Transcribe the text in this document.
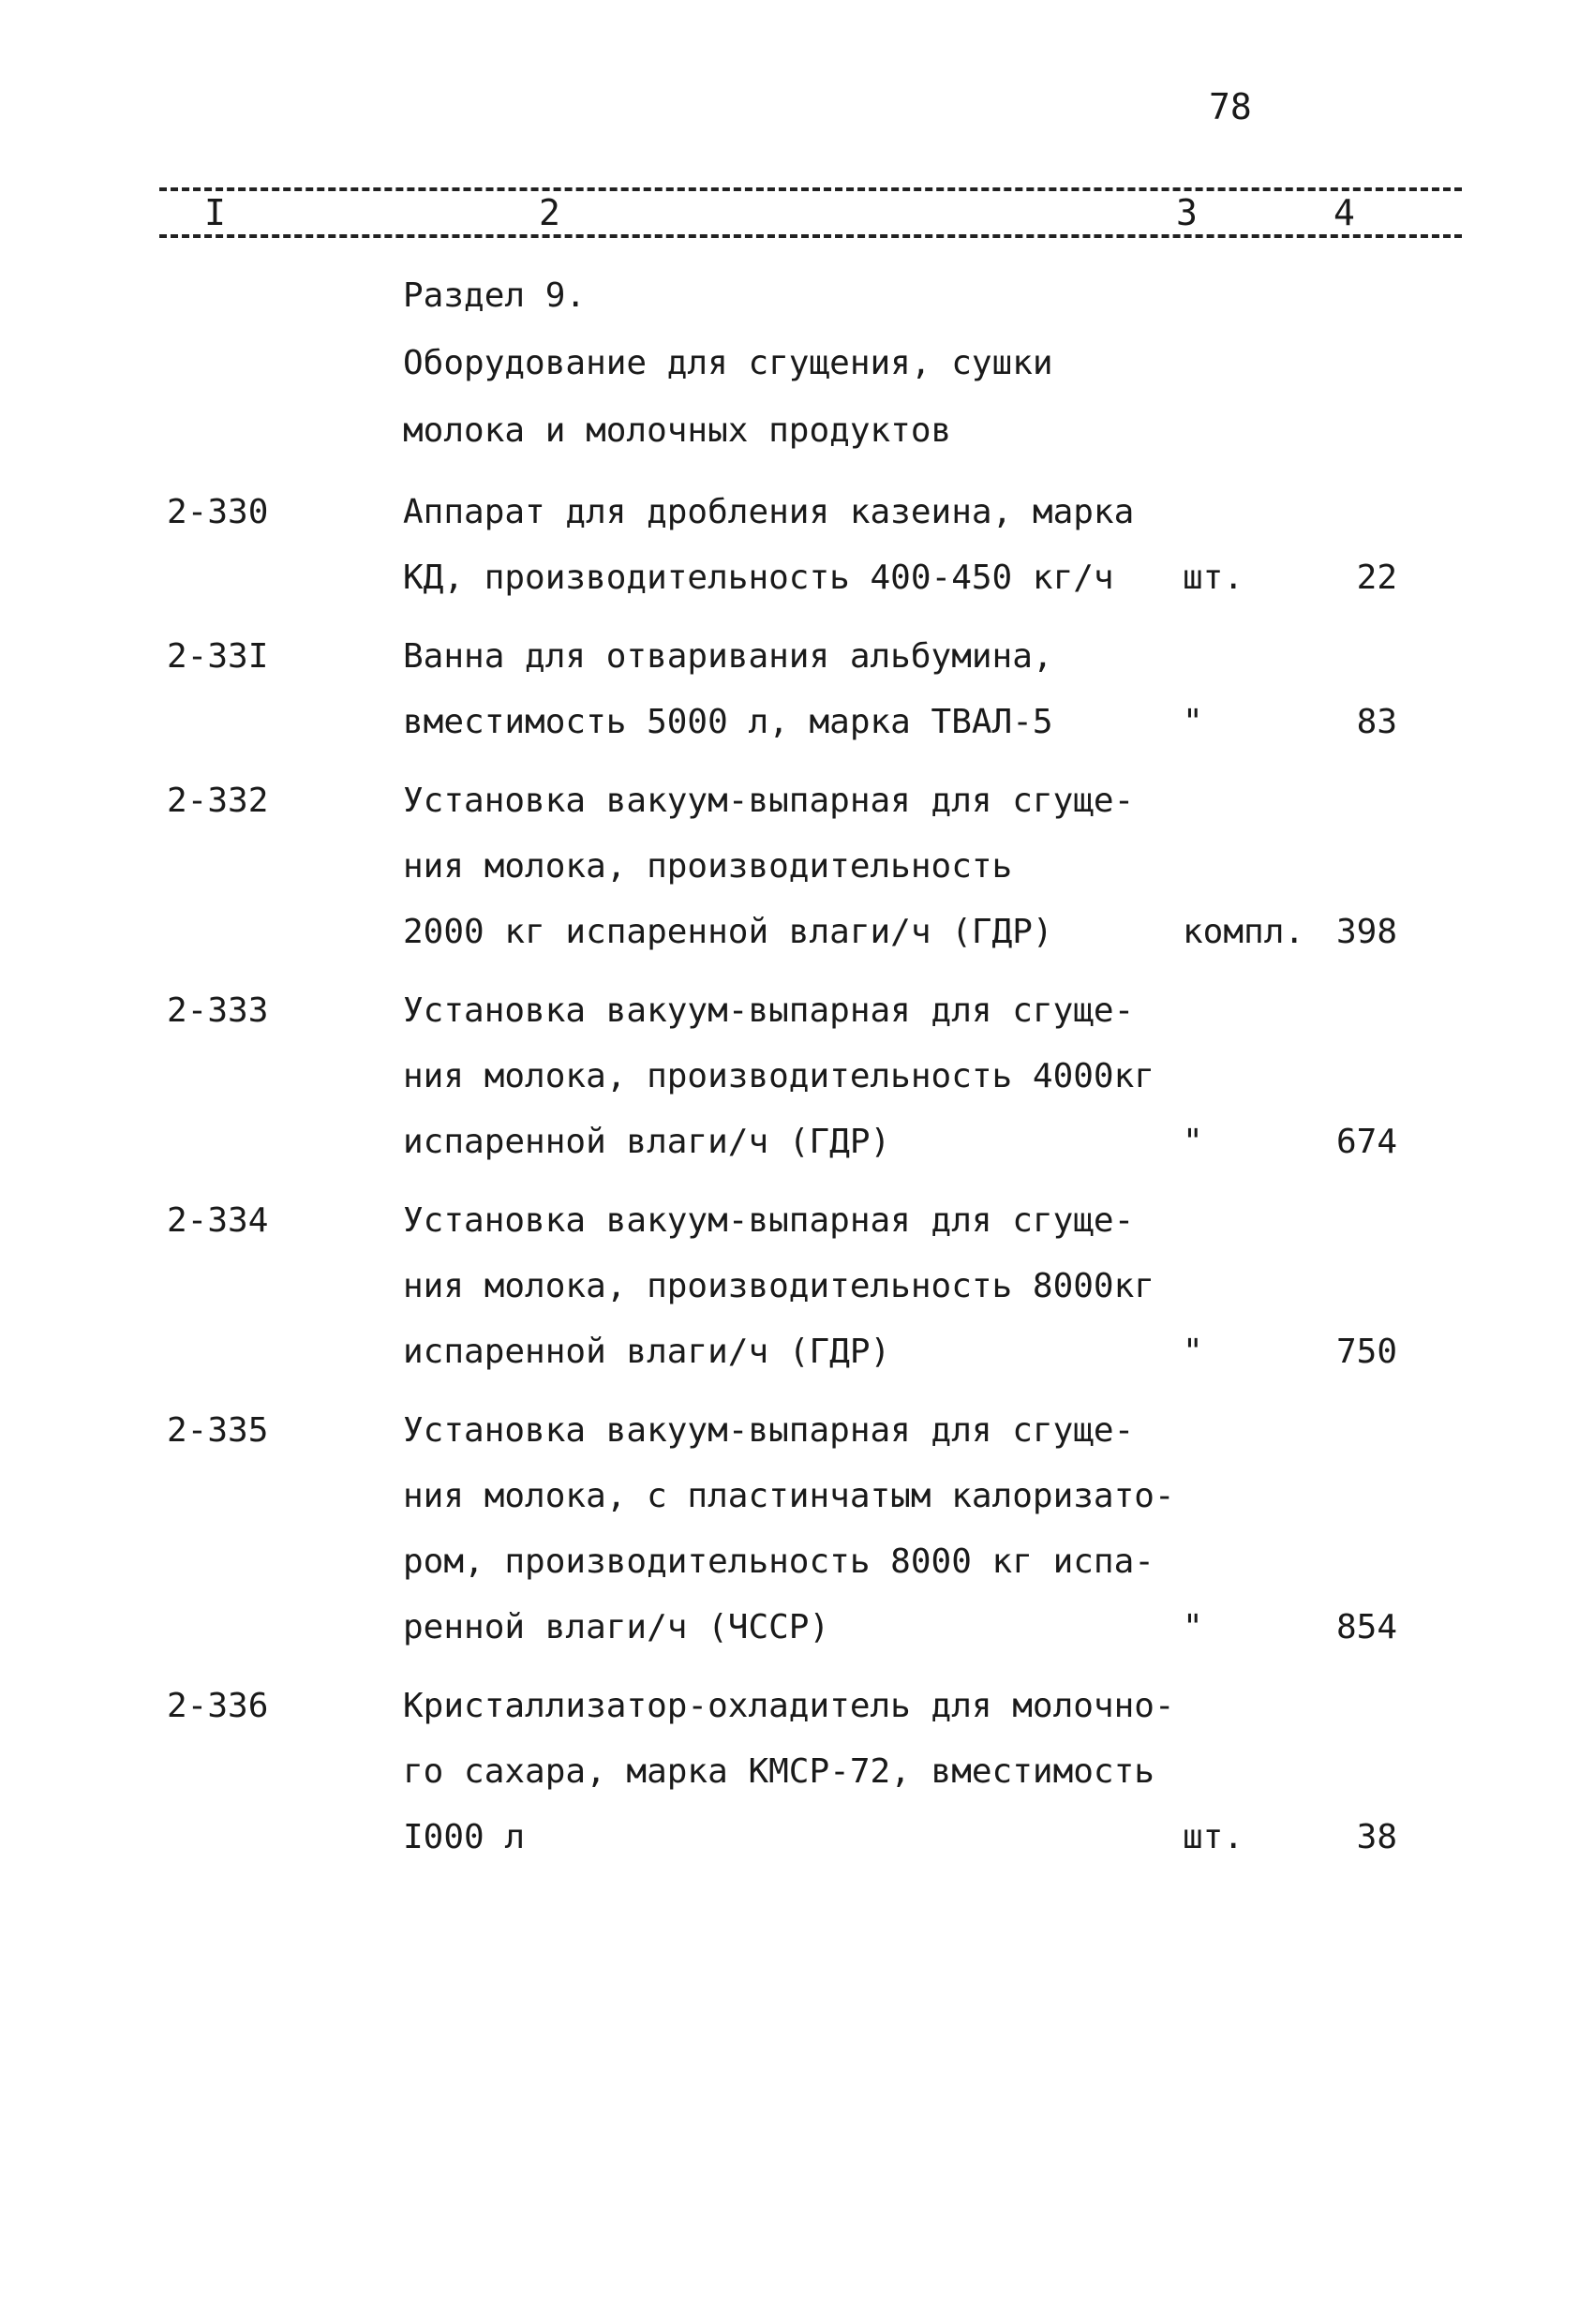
78
I	2	3	4
Раздел 9.
Оборудование для сгущения, сушки
молока и молочных продуктов
2-330	Аппарат для дробления казеина, марка
КД, производительность 400-450 кг/ч	шт.	22
2-33I	Ванна для отваривания альбумина,
вместимость 5000 л, марка ТВАЛ-5	"	83
2-332	Установка вакуум-выпарная для сгуще-
ния молока, производительность
2000 кг испаренной влаги/ч (ГДР)	компл. 398
2-333	Установка вакуум-выпарная для сгуще-
ния молока, производительность 4000кг
испаренной влаги/ч (ГДР)	"	674
2-334	Установка вакуум-выпарная для сгуще-
ния молока, производительность 8000кг
испаренной влаги/ч (ГДР)	"	750
2-335	Установка вакуум-выпарная для сгуще-
ния молока, с пластинчатым калоризато-
ром, производительность 8000 кг испа-
ренной влаги/ч (ЧССР)	"	854
2-336	Кристаллизатор-охладитель для молочно-
го сахара, марка КМСР-72, вместимость
I000 л	шт.	38
